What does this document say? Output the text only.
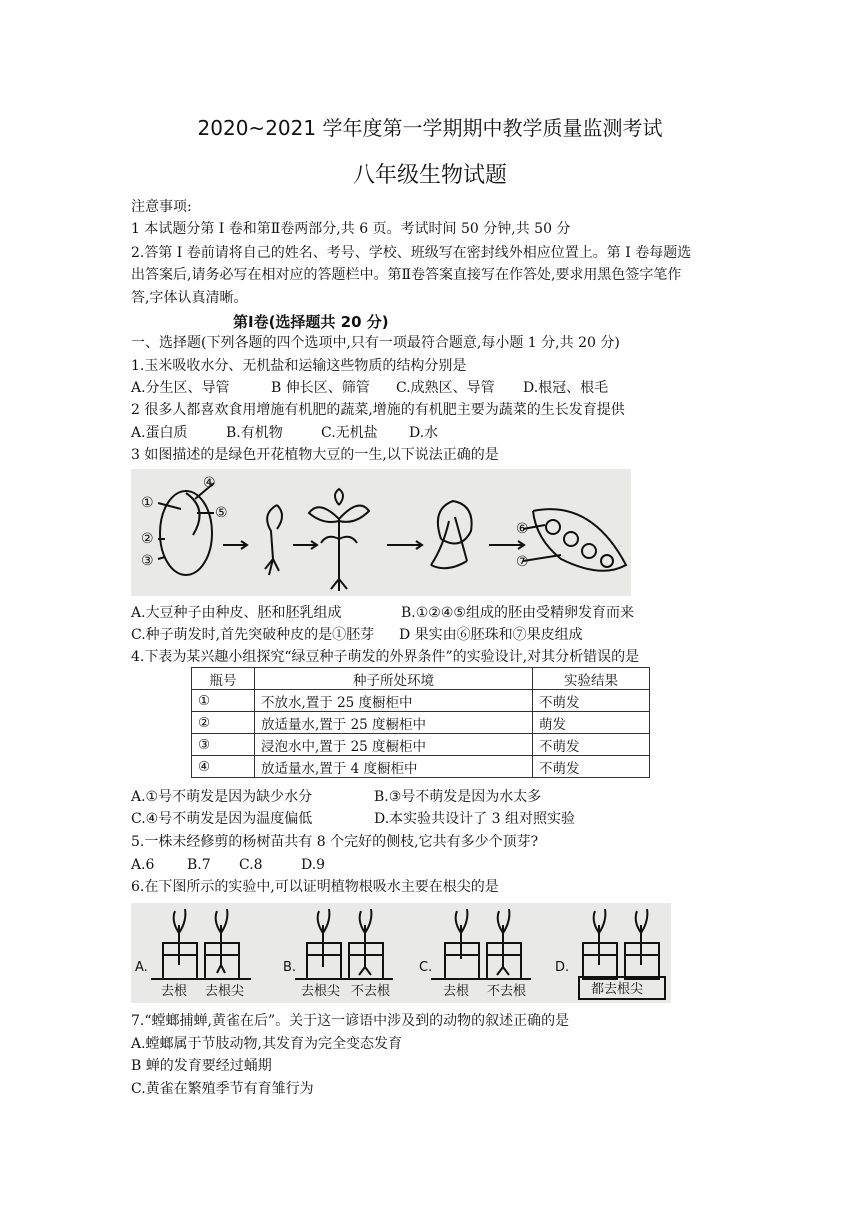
2020~2021 学年度第一学期期中教学质量监测考试
八年级生物试题
注意事项:
1 本试题分第 I 卷和第Ⅱ卷两部分,共 6 页。考试时间 50 分钟,共 50 分
2.答第 I 卷前请将自己的姓名、考号、学校、班级写在密封线外相应位置上。第 I 卷每题选
出答案后,请务必写在相对应的答题栏中。第Ⅱ卷答案直接写在作答处,要求用黑色签字笔作
答,字体认真清晰。
第Ⅰ卷(选择题共 20 分)
一、选择题(下列各题的四个选项中,只有一项最符合题意,每小题 1 分,共 20 分)
1.玉米吸收水分、无机盐和运输这些物质的结构分别是
A.分生区、导管	B 伸长区、筛管 C.成熟区、导管 D.根冠、根毛
2 很多人都喜欢食用增施有机肥的蔬菜,增施的有机肥主要为蔬菜的生长发育提供
A.蛋白质	B.有机物	C.无机盐 D.水
3 如图描述的是绿色开花植物大豆的一生,以下说法正确的是
①
②
③
④
⑤
⑥
⑦
A.大豆种子由种皮、胚和胚乳组成	B.①②④⑤组成的胚由受精卵发育而来
C.种子萌发时,首先突破种皮的是①胚芽 D 果实由⑥胚珠和⑦果皮组成
4.下表为某兴趣小组探究“绿豆种子萌发的外界条件”的实验设计,对其分析错误的是
瓶号	种子所处环境	实验结果
①	不放水,置于 25 度橱柜中	不萌发
②	放适量水,置于 25 度橱柜中	萌发
③	浸泡水中,置于 25 度橱柜中	不萌发
④	放适量水,置于 4 度橱柜中	不萌发
A.①号不萌发是因为缺少水分	B.③号不萌发是因为水太多
C.④号不萌发是因为温度偏低	D.本实验共设计了 3 组对照实验
5.一株未经修剪的杨树苗共有 8 个完好的侧枝,它共有多少个顶芽?
A.6 B.7 C.8	D.9
6.在下图所示的实验中,可以证明植物根吸水主要在根尖的是
A.
去根 去根尖
B.
去根尖 不去根
C.
去根 不去根
D.
都去根尖
7.“螳螂捕蝉,黄雀在后”。关于这一谚语中涉及到的动物的叙述正确的是
A.螳螂属于节肢动物,其发育为完全变态发育
B 蝉的发育要经过蛹期
C.黄雀在繁殖季节有育雏行为
